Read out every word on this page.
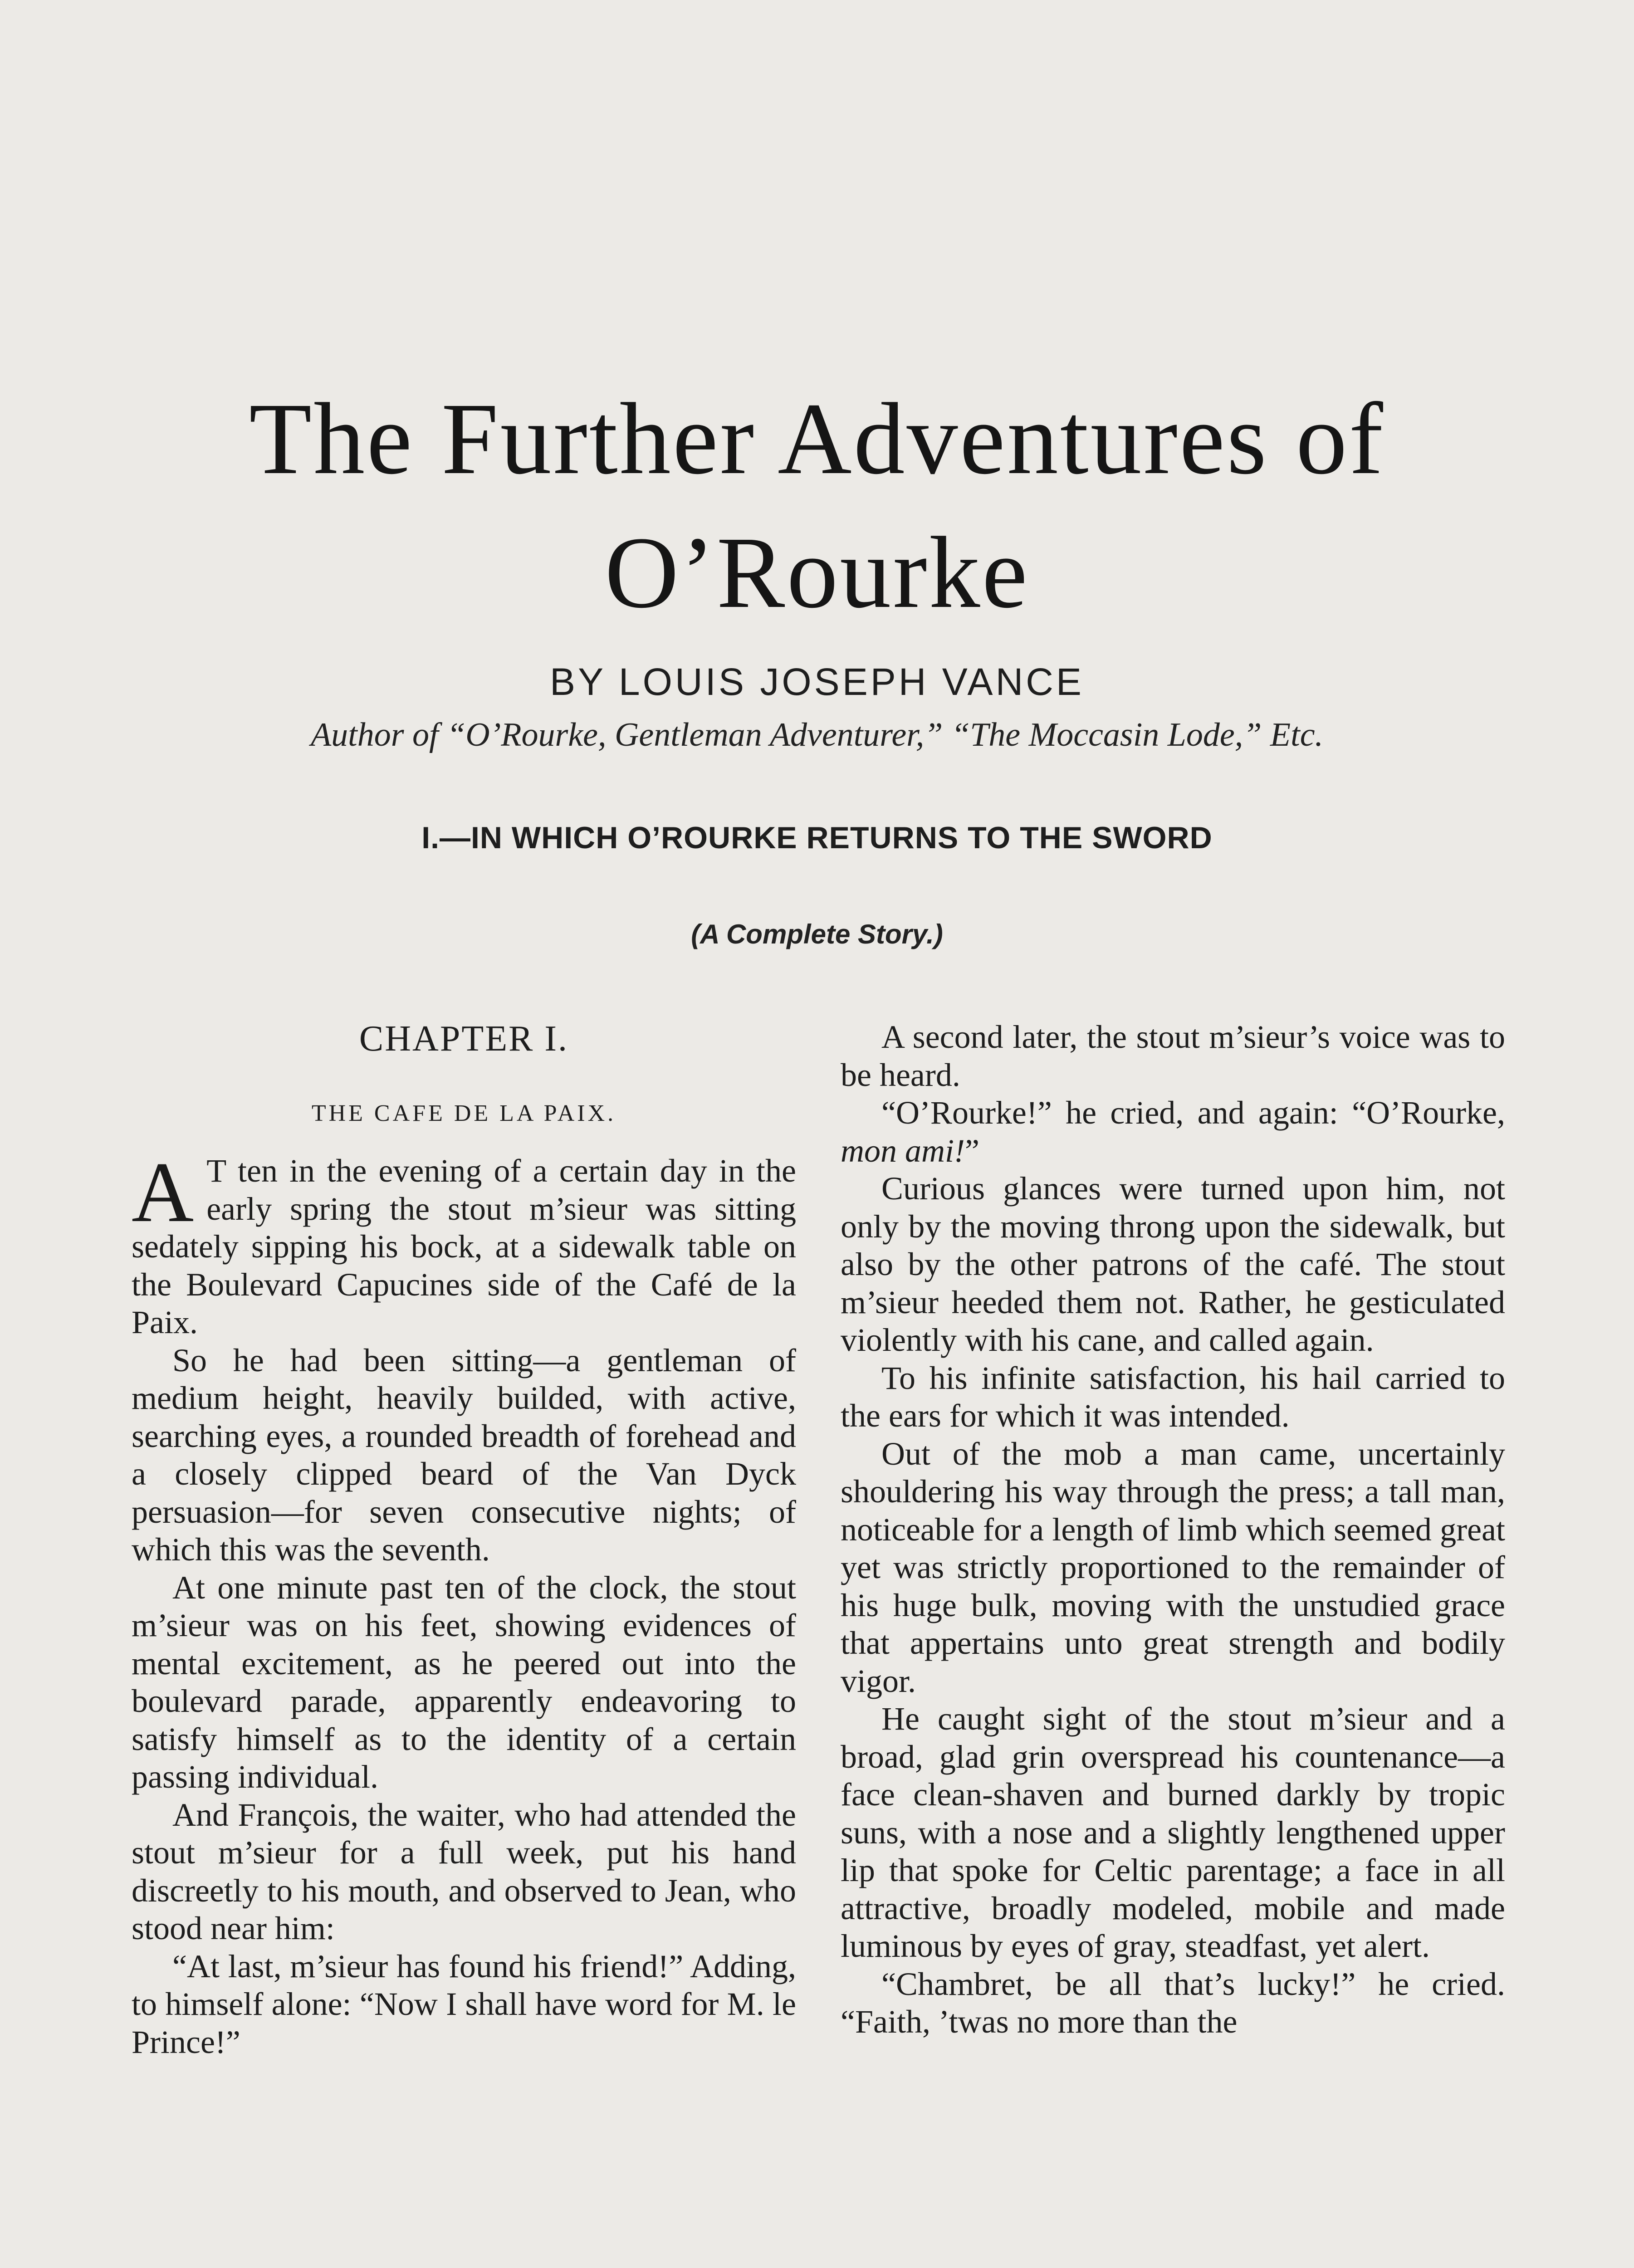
The Further Adventures of
O’Rourke
BY LOUIS JOSEPH VANCE
Author of “O’Rourke, Gentleman Adventurer,” “The Moccasin Lode,” Etc.
I.—IN WHICH O’ROURKE RETURNS TO THE SWORD
(A Complete Story.)
CHAPTER I.
THE CAFE DE LA PAIX.

A T ten in the evening of a certain day in the early spring the stout m’sieur was sitting sedately sipping his bock, at a sidewalk table on the Boulevard Capucines side of the Café de la Paix.

So he had been sitting—a gentleman of medium height, heavily builded, with active, searching eyes, a rounded breadth of forehead and a closely clipped beard of the Van Dyck persuasion—for seven consecutive nights; of which this was the seventh.

At one minute past ten of the clock, the stout m’sieur was on his feet, showing evidences of mental excitement, as he peered out into the boulevard parade, apparently endeavoring to satisfy himself as to the identity of a certain passing individual.

And François, the waiter, who had attended the stout m’sieur for a full week, put his hand discreetly to his mouth, and observed to Jean, who stood near him:

“At last, m’sieur has found his friend!” Adding, to himself alone: “Now I shall have word for M. le Prince!”

A second later, the stout m’sieur’s voice was to be heard.

“O’Rourke!” he cried, and again: “O’Rourke, mon ami!”

Curious glances were turned upon him, not only by the moving throng upon the sidewalk, but also by the other patrons of the café. The stout m’sieur heeded them not. Rather, he gesticulated violently with his cane, and called again.

To his infinite satisfaction, his hail carried to the ears for which it was intended.

Out of the mob a man came, uncertainly shouldering his way through the press; a tall man, noticeable for a length of limb which seemed great yet was strictly proportioned to the remainder of his huge bulk, moving with the unstudied grace that appertains unto great strength and bodily vigor.

He caught sight of the stout m’sieur and a broad, glad grin overspread his countenance—a face clean-shaven and burned darkly by tropic suns, with a nose and a slightly lengthened upper lip that spoke for Celtic parentage; a face in all attractive, broadly modeled, mobile and made luminous by eyes of gray, steadfast, yet alert.

“Chambret, be all that’s lucky!” he cried. “Faith, ’twas no more than the
